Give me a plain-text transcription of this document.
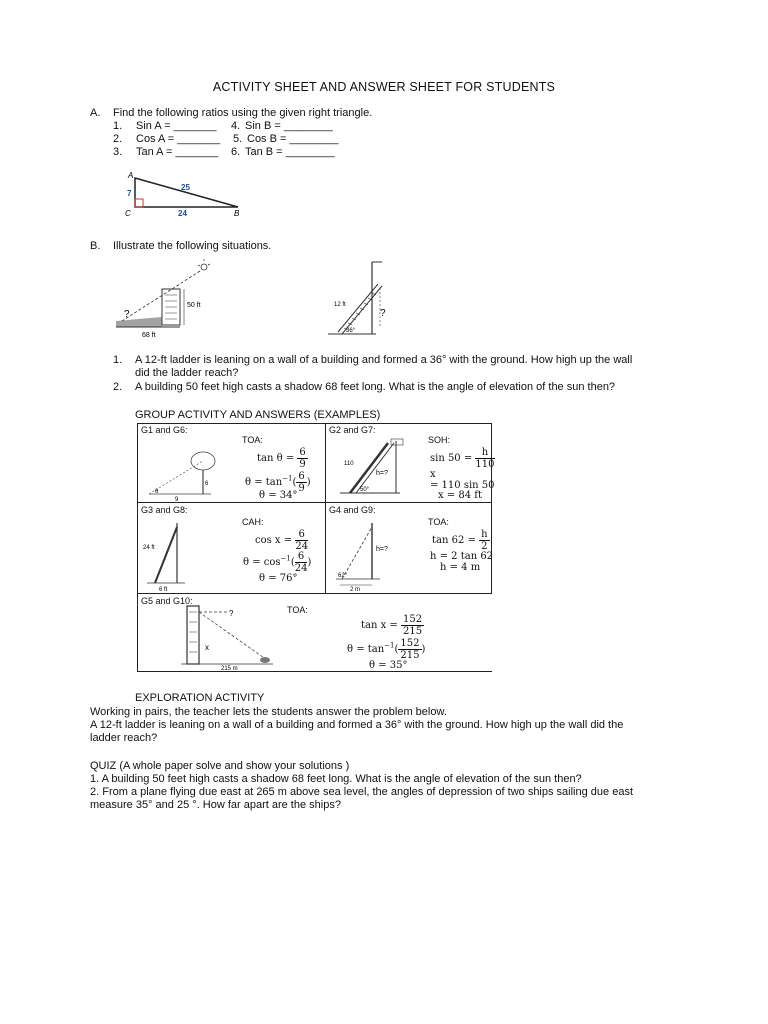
ACTIVITY SHEET AND ANSWER SHEET FOR STUDENTS
A. Find the following ratios using the given right triangle.
1. Sin A = _______ 4. Sin B = ________
2. Cos A = _______ 5. Cos B = ________
3. Tan A = _______ 6. Tan B = ________
A
B
C
7
25
24
B. Illustrate the following situations.
50 ft
68 ft
?
12 ft
36°
?
1. A 12-ft ladder is leaning on a wall of a building and formed a 36° with the ground. How high up the wall
did the ladder reach?
2. A building 50 feet high casts a shadow 68 feet long. What is the angle of elevation of the sun then?
GROUP ACTIVITY AND ANSWERS (EXAMPLES)
G1 and G6:
TOA:
6
9
θ
$\tan \theta = \frac{6}{9}$
$\theta = \tan^{-1}( \frac{6}{9}$ )
θ = 34°
G2 and G7:
SOH:
110
h=?
50°
$\sin 50 = \frac{h}{110}$
x
= 110 sin 50
x = 84 ft
G3 and G8:
CAH:
24 ft
6 ft
$\cos x = \frac{6}{24}$
$\theta = \cos^{-1}( \frac{6}{24}$ )
θ = 76°
G4 and G9:
TOA:
h=?
62°
2 m
$\tan 62 = \frac{h}{2}$
h = 2 tan 62
h = 4 m
G5 and G10:
TOA:
x
215 m
?
$\tan x = \frac{152}{215}$
$\theta = \tan^{-1}( \frac{152}{215}$ )
θ = 35°
EXPLORATION ACTIVITY
Working in pairs, the teacher lets the students answer the problem below.
A 12-ft ladder is leaning on a wall of a building and formed a 36° with the ground. How high up the wall did the
ladder reach?
QUIZ (A whole paper solve and show your solutions )
1. A building 50 feet high casts a shadow 68 feet long. What is the angle of elevation of the sun then?
2. From a plane flying due east at 265 m above sea level, the angles of depression of two ships sailing due east
measure 35° and 25 °. How far apart are the ships?
